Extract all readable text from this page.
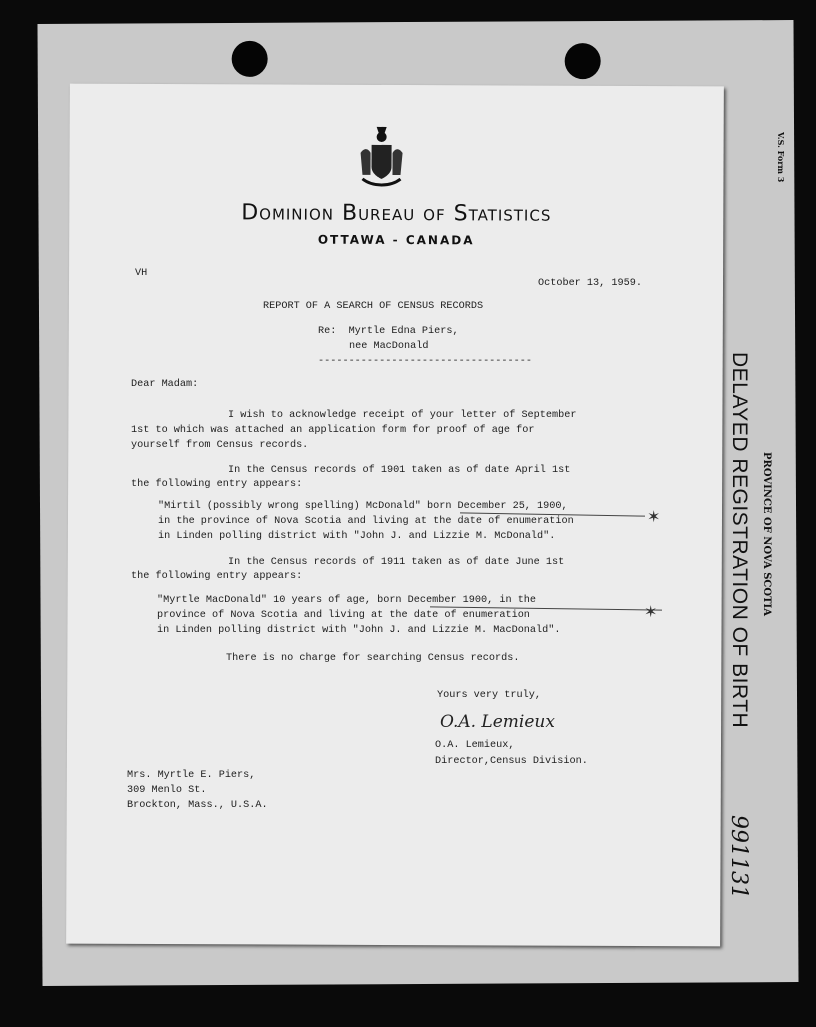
V.S. Form 3
PROVINCE OF NOVA SCOTIA
DELAYED REGISTRATION OF BIRTH
991131
Dominion Bureau of Statistics
OTTAWA - CANADA
VH
October 13, 1959.
REPORT OF A SEARCH OF CENSUS RECORDS
Re:  Myrtle Edna Piers,
nee MacDonald
-----------------------------------
Dear Madam:
I wish to acknowledge receipt of your letter of September
1st to which was attached an application form for proof of age for
yourself from Census records.
In the Census records of 1901 taken as of date April 1st
the following entry appears:
"Mirtil (possibly wrong spelling) McDonald" born December 25, 1900,
in the province of Nova Scotia and living at the date of enumeration
in Linden polling district with "John J. and Lizzie M. McDonald".
✶
In the Census records of 1911 taken as of date June 1st
the following entry appears:
"Myrtle MacDonald" 10 years of age, born December 1900, in the
province of Nova Scotia and living at the date of enumeration
in Linden polling district with "John J. and Lizzie M. MacDonald".
✶
There is no charge for searching Census records.
Yours very truly,
O.A. Lemieux
O.A. Lemieux,
Director,Census Division.
Mrs. Myrtle E. Piers,
309 Menlo St.
Brockton, Mass., U.S.A.
